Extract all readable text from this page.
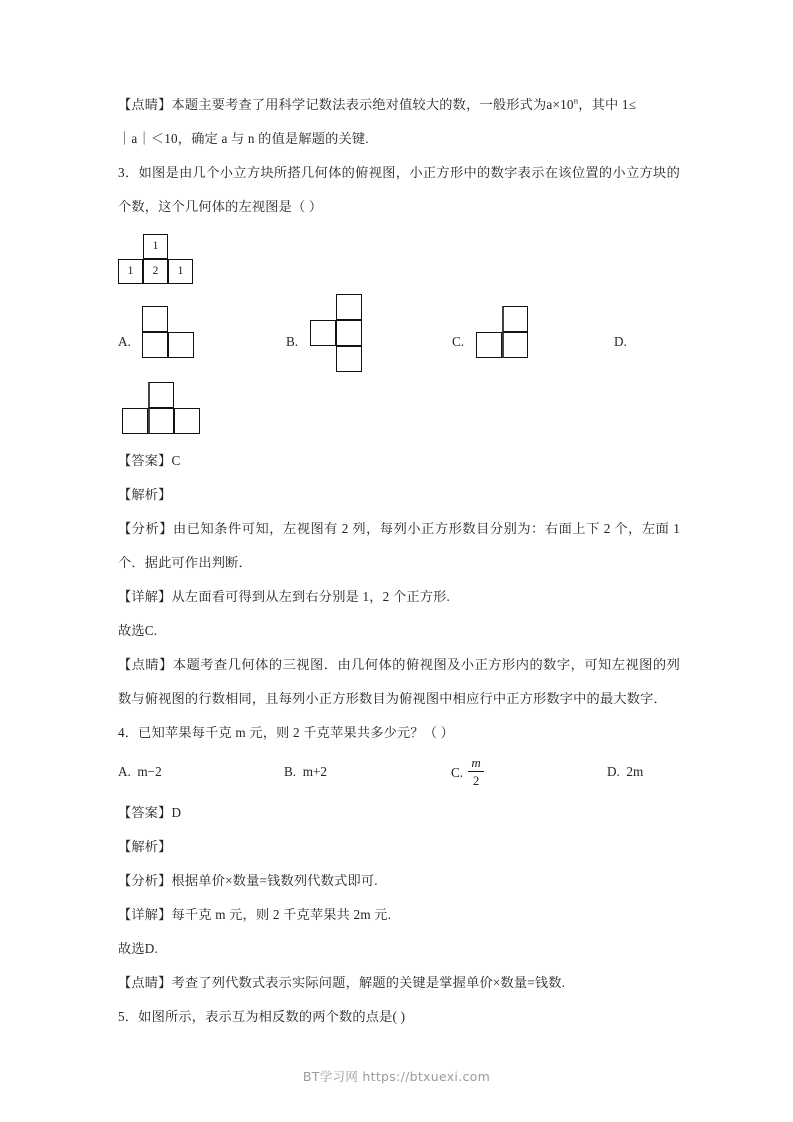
【点睛】本题主要考查了用科学记数法表示绝对值较大的数，一般形式为$a\times 10^n$，其中 1≤

｜a｜＜10，确定 a 与 n 的值是解题的关键.

3．如图是由几个小立方块所搭几何体的俯视图，小正方形中的数字表示在该位置的小立方块的个数，这个几何体的左视图是（ ）

1
1	2	1
A.	B.	C.	D.

【答案】C

【解析】

【分析】由已知条件可知，左视图有 2 列，每列小正方形数目分别为：右面上下 2 个，左面 1 个．据此可作出判断．

【详解】从左面看可得到从左到右分别是 1，2 个正方形.

故选C.

【点睛】本题考查几何体的三视图．由几何体的俯视图及小正方形内的数字，可知左视图的列数与俯视图的行数相同，且每列小正方形数目为俯视图中相应行中正方形数字中的最大数字．

4．已知苹果每千克 m 元，则 2 千克苹果共多少元？（ ）

A. m−2	B. m+2	C. $\frac{m}{2}$	D. 2m

【答案】D

【解析】

【分析】根据单价×数量=钱数列代数式即可.

【详解】每千克 m 元，则 2 千克苹果共 2m 元.

故选D.

【点睛】考查了列代数式表示实际问题，解题的关键是掌握单价×数量=钱数.

5．如图所示，表示互为相反数的两个数的点是( )

BT学习网 https://btxuexi.com
